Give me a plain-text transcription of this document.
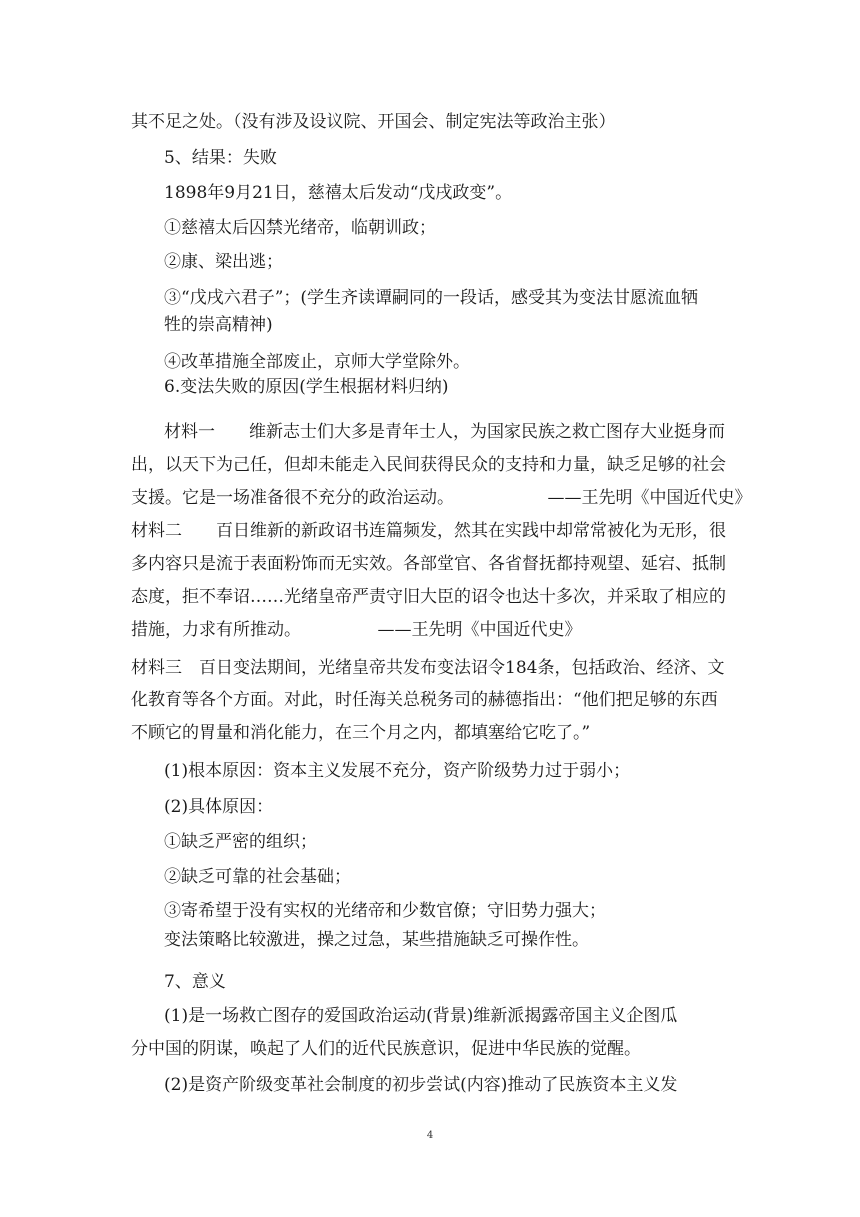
其不足之处。（没有涉及设议院、开国会、制定宪法等政治主张）

5、结果：失败

1898年9月21日，慈禧太后发动“戊戌政变”。

①慈禧太后囚禁光绪帝，临朝训政；

②康、梁出逃；

③“戊戌六君子”；(学生齐读谭嗣同的一段话，感受其为变法甘愿流血牺

牲的崇高精神)

④改革措施全部废止，京师大学堂除外。

6.变法失败的原因(学生根据材料归纳)

材料一　　维新志士们大多是青年士人，为国家民族之救亡图存大业挺身而

出，以天下为己任，但却未能走入民间获得民众的支持和力量，缺乏足够的社会

支援。它是一场准备很不充分的政治运动。　　　　　　——王先明《中国近代史》

材料二　　百日维新的新政诏书连篇频发，然其在实践中却常常被化为无形，很

多内容只是流于表面粉饰而无实效。各部堂官、各省督抚都持观望、延宕、抵制

态度，拒不奉诏……光绪皇帝严责守旧大臣的诏令也达十多次，并采取了相应的

措施，力求有所推动。　　　　　——王先明《中国近代史》

材料三　百日变法期间，光绪皇帝共发布变法诏令184条，包括政治、经济、文

化教育等各个方面。对此，时任海关总税务司的赫德指出：“他们把足够的东西

不顾它的胃量和消化能力，在三个月之内，都填塞给它吃了。”

(1)根本原因：资本主义发展不充分，资产阶级势力过于弱小；

(2)具体原因：

①缺乏严密的组织；

②缺乏可靠的社会基础；

③寄希望于没有实权的光绪帝和少数官僚；守旧势力强大；

变法策略比较激进，操之过急，某些措施缺乏可操作性。

7、意义

(1)是一场救亡图存的爱国政治运动(背景)维新派揭露帝国主义企图瓜

分中国的阴谋，唤起了人们的近代民族意识，促进中华民族的觉醒。

(2)是资产阶级变革社会制度的初步尝试(内容)推动了民族资本主义发

4
